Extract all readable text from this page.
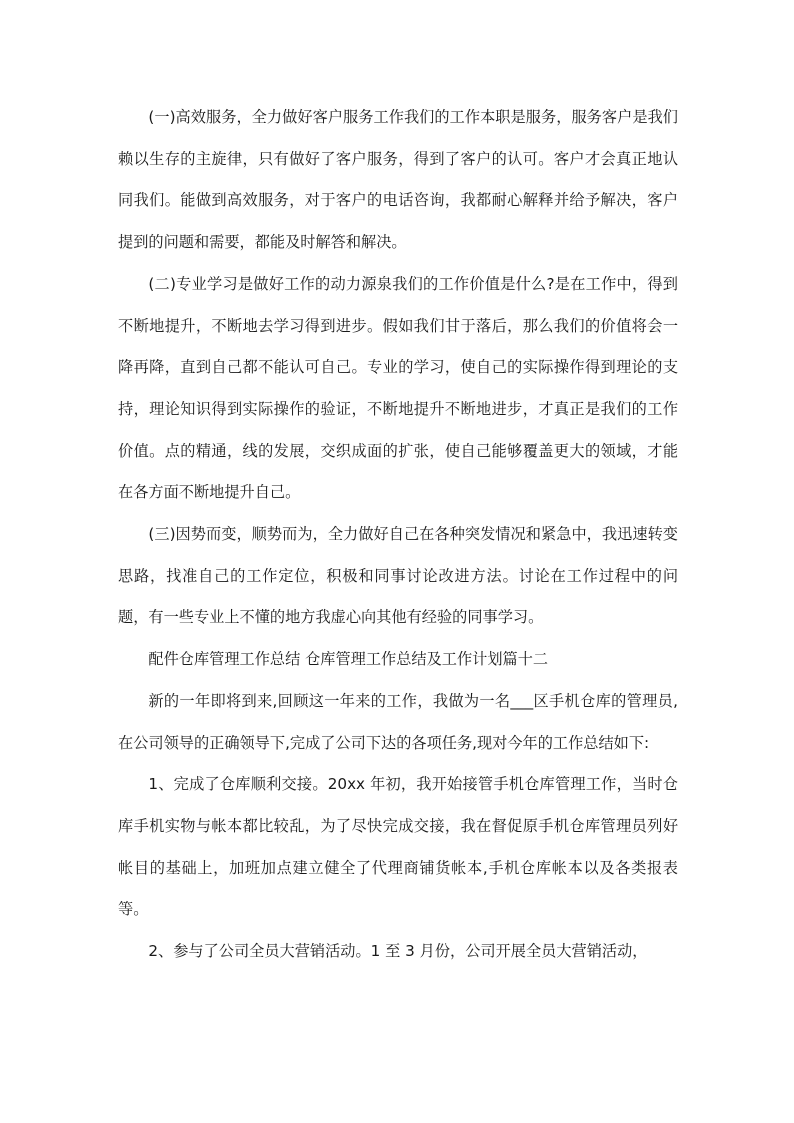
(一)高效服务，全力做好客户服务工作我们的工作本职是服务，服务客户是我们赖以生存的主旋律，只有做好了客户服务，得到了客户的认可。客户才会真正地认同我们。能做到高效服务，对于客户的电话咨询，我都耐心解释并给予解决，客户提到的问题和需要，都能及时解答和解决。

(二)专业学习是做好工作的动力源泉我们的工作价值是什么?是在工作中，得到不断地提升，不断地去学习得到进步。假如我们甘于落后，那么我们的价值将会一降再降，直到自己都不能认可自己。专业的学习，使自己的实际操作得到理论的支持，理论知识得到实际操作的验证，不断地提升不断地进步，才真正是我们的工作价值。点的精通，线的发展，交织成面的扩张，使自己能够覆盖更大的领域，才能在各方面不断地提升自己。

(三)因势而变，顺势而为，全力做好自己在各种突发情况和紧急中，我迅速转变思路，找准自己的工作定位，积极和同事讨论改进方法。讨论在工作过程中的问题，有一些专业上不懂的地方我虚心向其他有经验的同事学习。

配件仓库管理工作总结 仓库管理工作总结及工作计划篇十二

新的一年即将到来,回顾这一年来的工作，我做为一名___区手机仓库的管理员,在公司领导的正确领导下,完成了公司下达的各项任务,现对今年的工作总结如下:

1、完成了仓库顺利交接。20xx 年初，我开始接管手机仓库管理工作，当时仓库手机实物与帐本都比较乱，为了尽快完成交接，我在督促原手机仓库管理员列好帐目的基础上，加班加点建立健全了代理商铺货帐本,手机仓库帐本以及各类报表等。

2、参与了公司全员大营销活动。1 至 3 月份，公司开展全员大营销活动，
